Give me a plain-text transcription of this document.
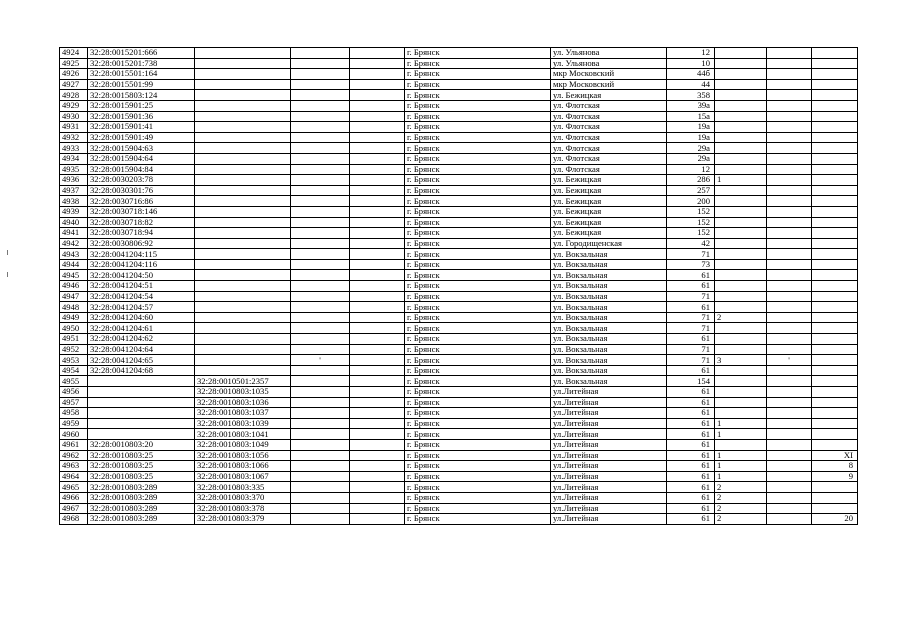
4924	32:28:0015201:666				г. Брянск	ул. Ульянова	12			
4925	32:28:0015201:738				г. Брянск	ул. Ульянова	10			
4926	32:28:0015501:164				г. Брянск	мкр Московский	44б			
4927	32:28:0015501:99				г. Брянск	мкр Московский	44			
4928	32:28:0015803:124				г. Брянск	ул. Бежицкая	358			
4929	32:28:0015901:25				г. Брянск	ул. Флотская	39а			
4930	32:28:0015901:36				г. Брянск	ул. Флотская	15а			
4931	32:28:0015901:41				г. Брянск	ул. Флотская	19а			
4932	32:28:0015901:49				г. Брянск	ул. Флотская	19а			
4933	32:28:0015904:63				г. Брянск	ул. Флотская	29а			
4934	32:28:0015904:64				г. Брянск	ул. Флотская	29а			
4935	32:28:0015904:84				г. Брянск	ул. Флотская	12			
4936	32:28:0030203:78				г. Брянск	ул. Бежицкая	286	1		
4937	32:28:0030301:76				г. Брянск	ул. Бежицкая	257			
4938	32:28:0030716:86				г. Брянск	ул. Бежицкая	200			
4939	32:28:0030718:146				г. Брянск	ул. Бежицкая	152			
4940	32:28:0030718:82				г. Брянск	ул. Бежицкая	152			
4941	32:28:0030718:94				г. Брянск	ул. Бежицкая	152			
4942	32:28:0030806:92				г. Брянск	ул. Городищенская	42			
4943	32:28:0041204:115				г. Брянск	ул. Вокзальная	71			
4944	32:28:0041204:116				г. Брянск	ул. Вокзальная	73			
4945	32:28:0041204:50				г. Брянск	ул. Вокзальная	61			
4946	32:28:0041204:51				г. Брянск	ул. Вокзальная	61			
4947	32:28:0041204:54				г. Брянск	ул. Вокзальная	71			
4948	32:28:0041204:57				г. Брянск	ул. Вокзальная	61			
4949	32:28:0041204:60				г. Брянск	ул. Вокзальная	71	2		
4950	32:28:0041204:61				г. Брянск	ул. Вокзальная	71			
4951	32:28:0041204:62				г. Брянск	ул. Вокзальная	61			
4952	32:28:0041204:64				г. Брянск	ул. Вокзальная	71			
4953	32:28:0041204:65		'		г. Брянск	ул. Вокзальная	71	3	'	
4954	32:28:0041204:68				г. Брянск	ул. Вокзальная	61			
4955		32:28:0010501:2357			г. Брянск	ул. Вокзальная	154			
4956		32:28:0010803:1035			г. Брянск	ул.Литейная	61			
4957		32:28:0010803:1036			г. Брянск	ул.Литейная	61			
4958		32:28:0010803:1037			г. Брянск	ул.Литейная	61			
4959		32:28:0010803:1039			г. Брянск	ул.Литейная	61	1		
4960		32:28:0010803:1041			г. Брянск	ул.Литейная	61	1		
4961	32:28:0010803:20	32:28:0010803:1049			г. Брянск	ул.Литейная	61			
4962	32:28:0010803:25	32:28:0010803:1056			г. Брянск	ул.Литейная	61	1		XI
4963	32:28:0010803:25	32:28:0010803:1066			г. Брянск	ул.Литейная	61	1		8
4964	32:28:0010803:25	32:28:0010803:1067			г. Брянск	ул.Литейная	61	1		9
4965	32:28:0010803:289	32:28:0010803:335			г. Брянск	ул.Литейная	61	2		
4966	32:28:0010803:289	32:28:0010803:370			г. Брянск	ул.Литейная	61	2		
4967	32:28:0010803:289	32:28:0010803:378			г. Брянск	ул.Литейная	61	2		
4968	32:28:0010803:289	32:28:0010803:379			г. Брянск	ул.Литейная	61	2		20
